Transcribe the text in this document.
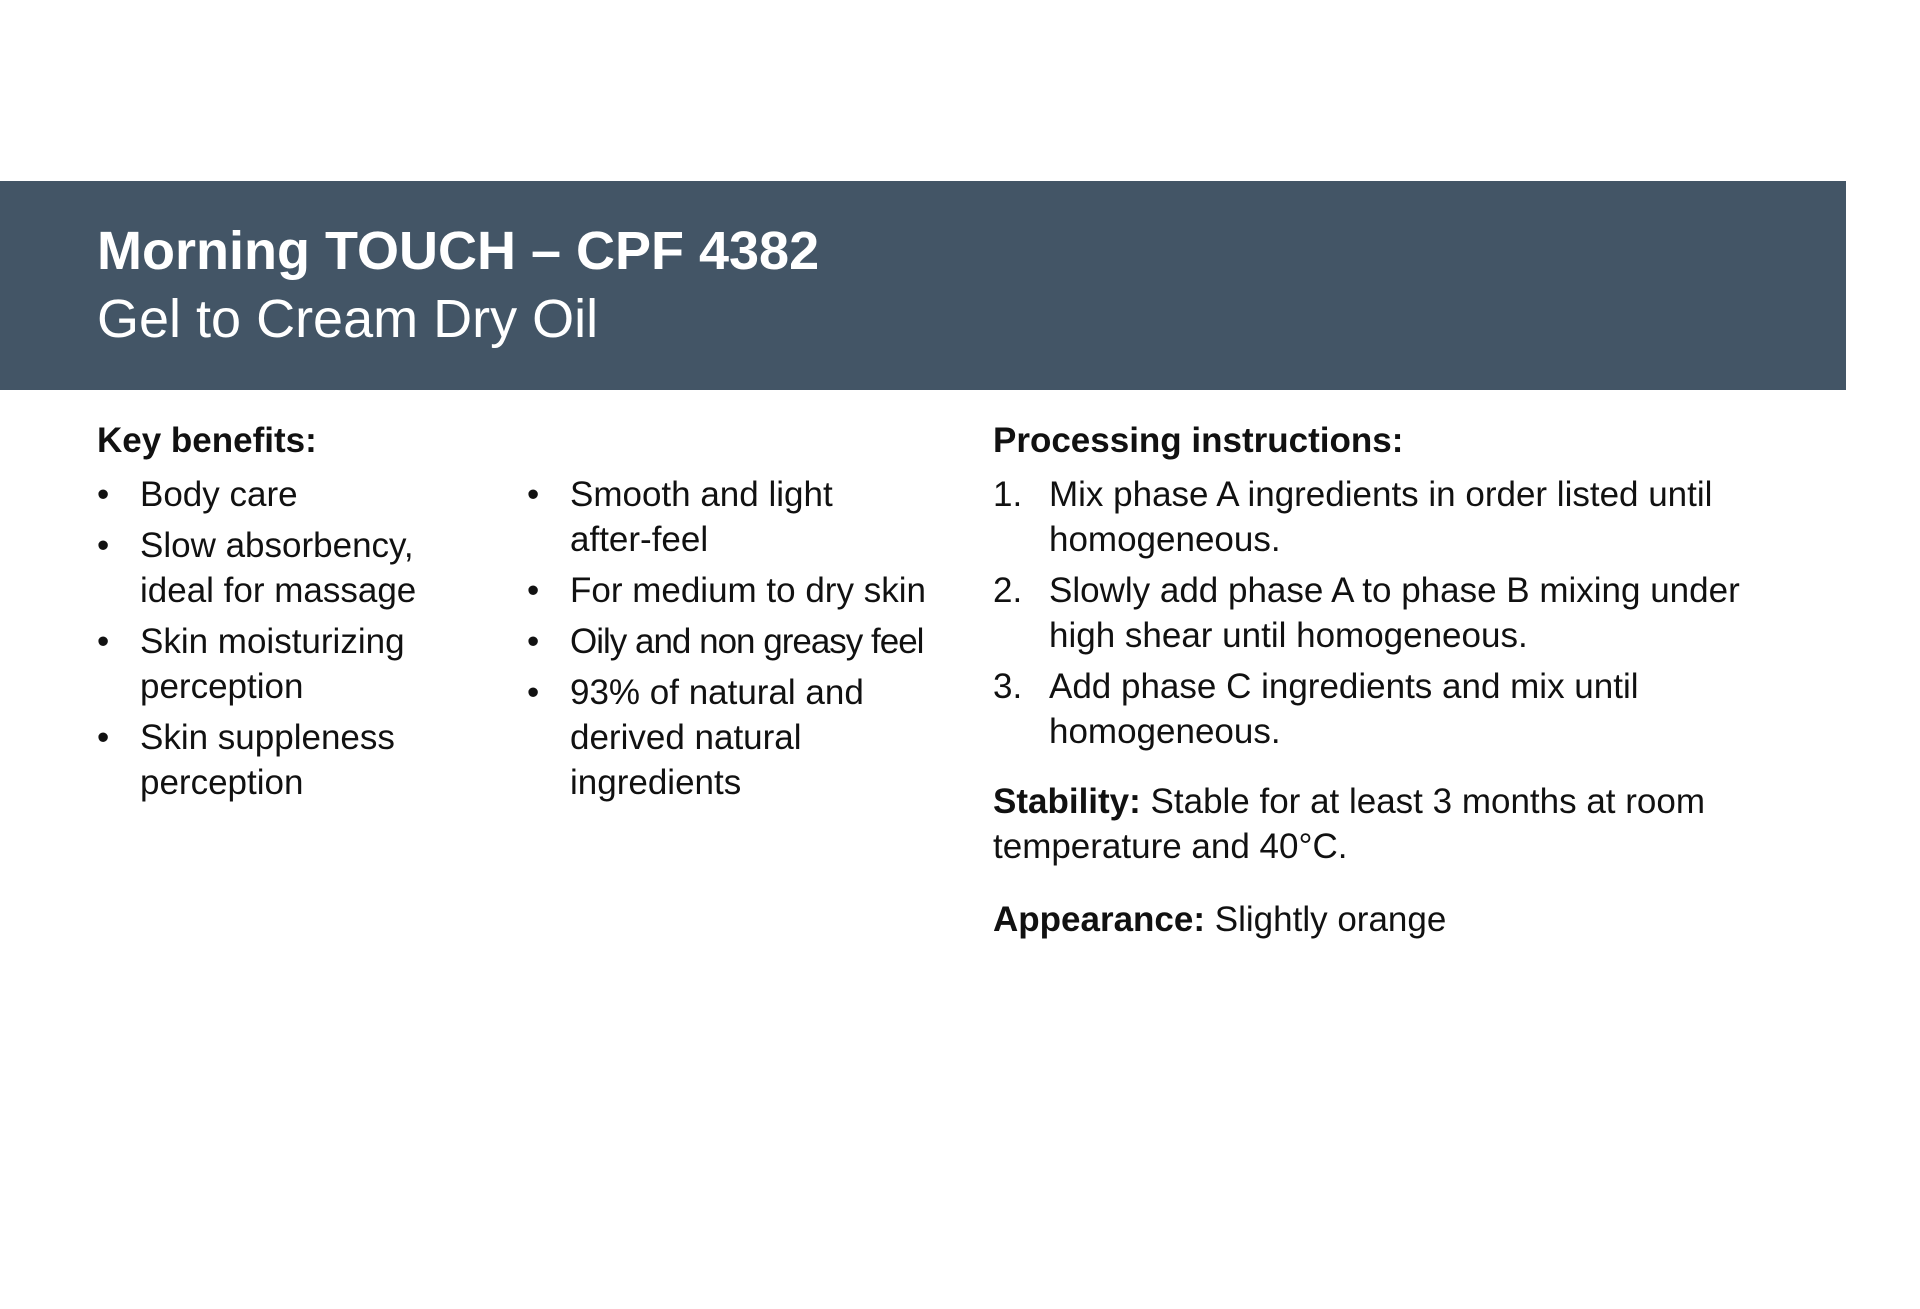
Morning TOUCH – CPF 4382
Gel to Cream Dry Oil
Key benefits:
• Body care
• Slow absorbency, ideal for massage
• Skin moisturizing perception
• Skin suppleness perception
• Smooth and light after-feel
• For medium to dry skin
• Oily and non greasy feel
• 93% of natural and derived natural ingredients
Processing instructions:
1. Mix phase A ingredients in order listed until homogeneous.
2. Slowly add phase A to phase B mixing under high shear until homogeneous.
3. Add phase C ingredients and mix until homogeneous.

Stability: Stable for at least 3 months at room temperature and 40°C.

Appearance: Slightly orange
